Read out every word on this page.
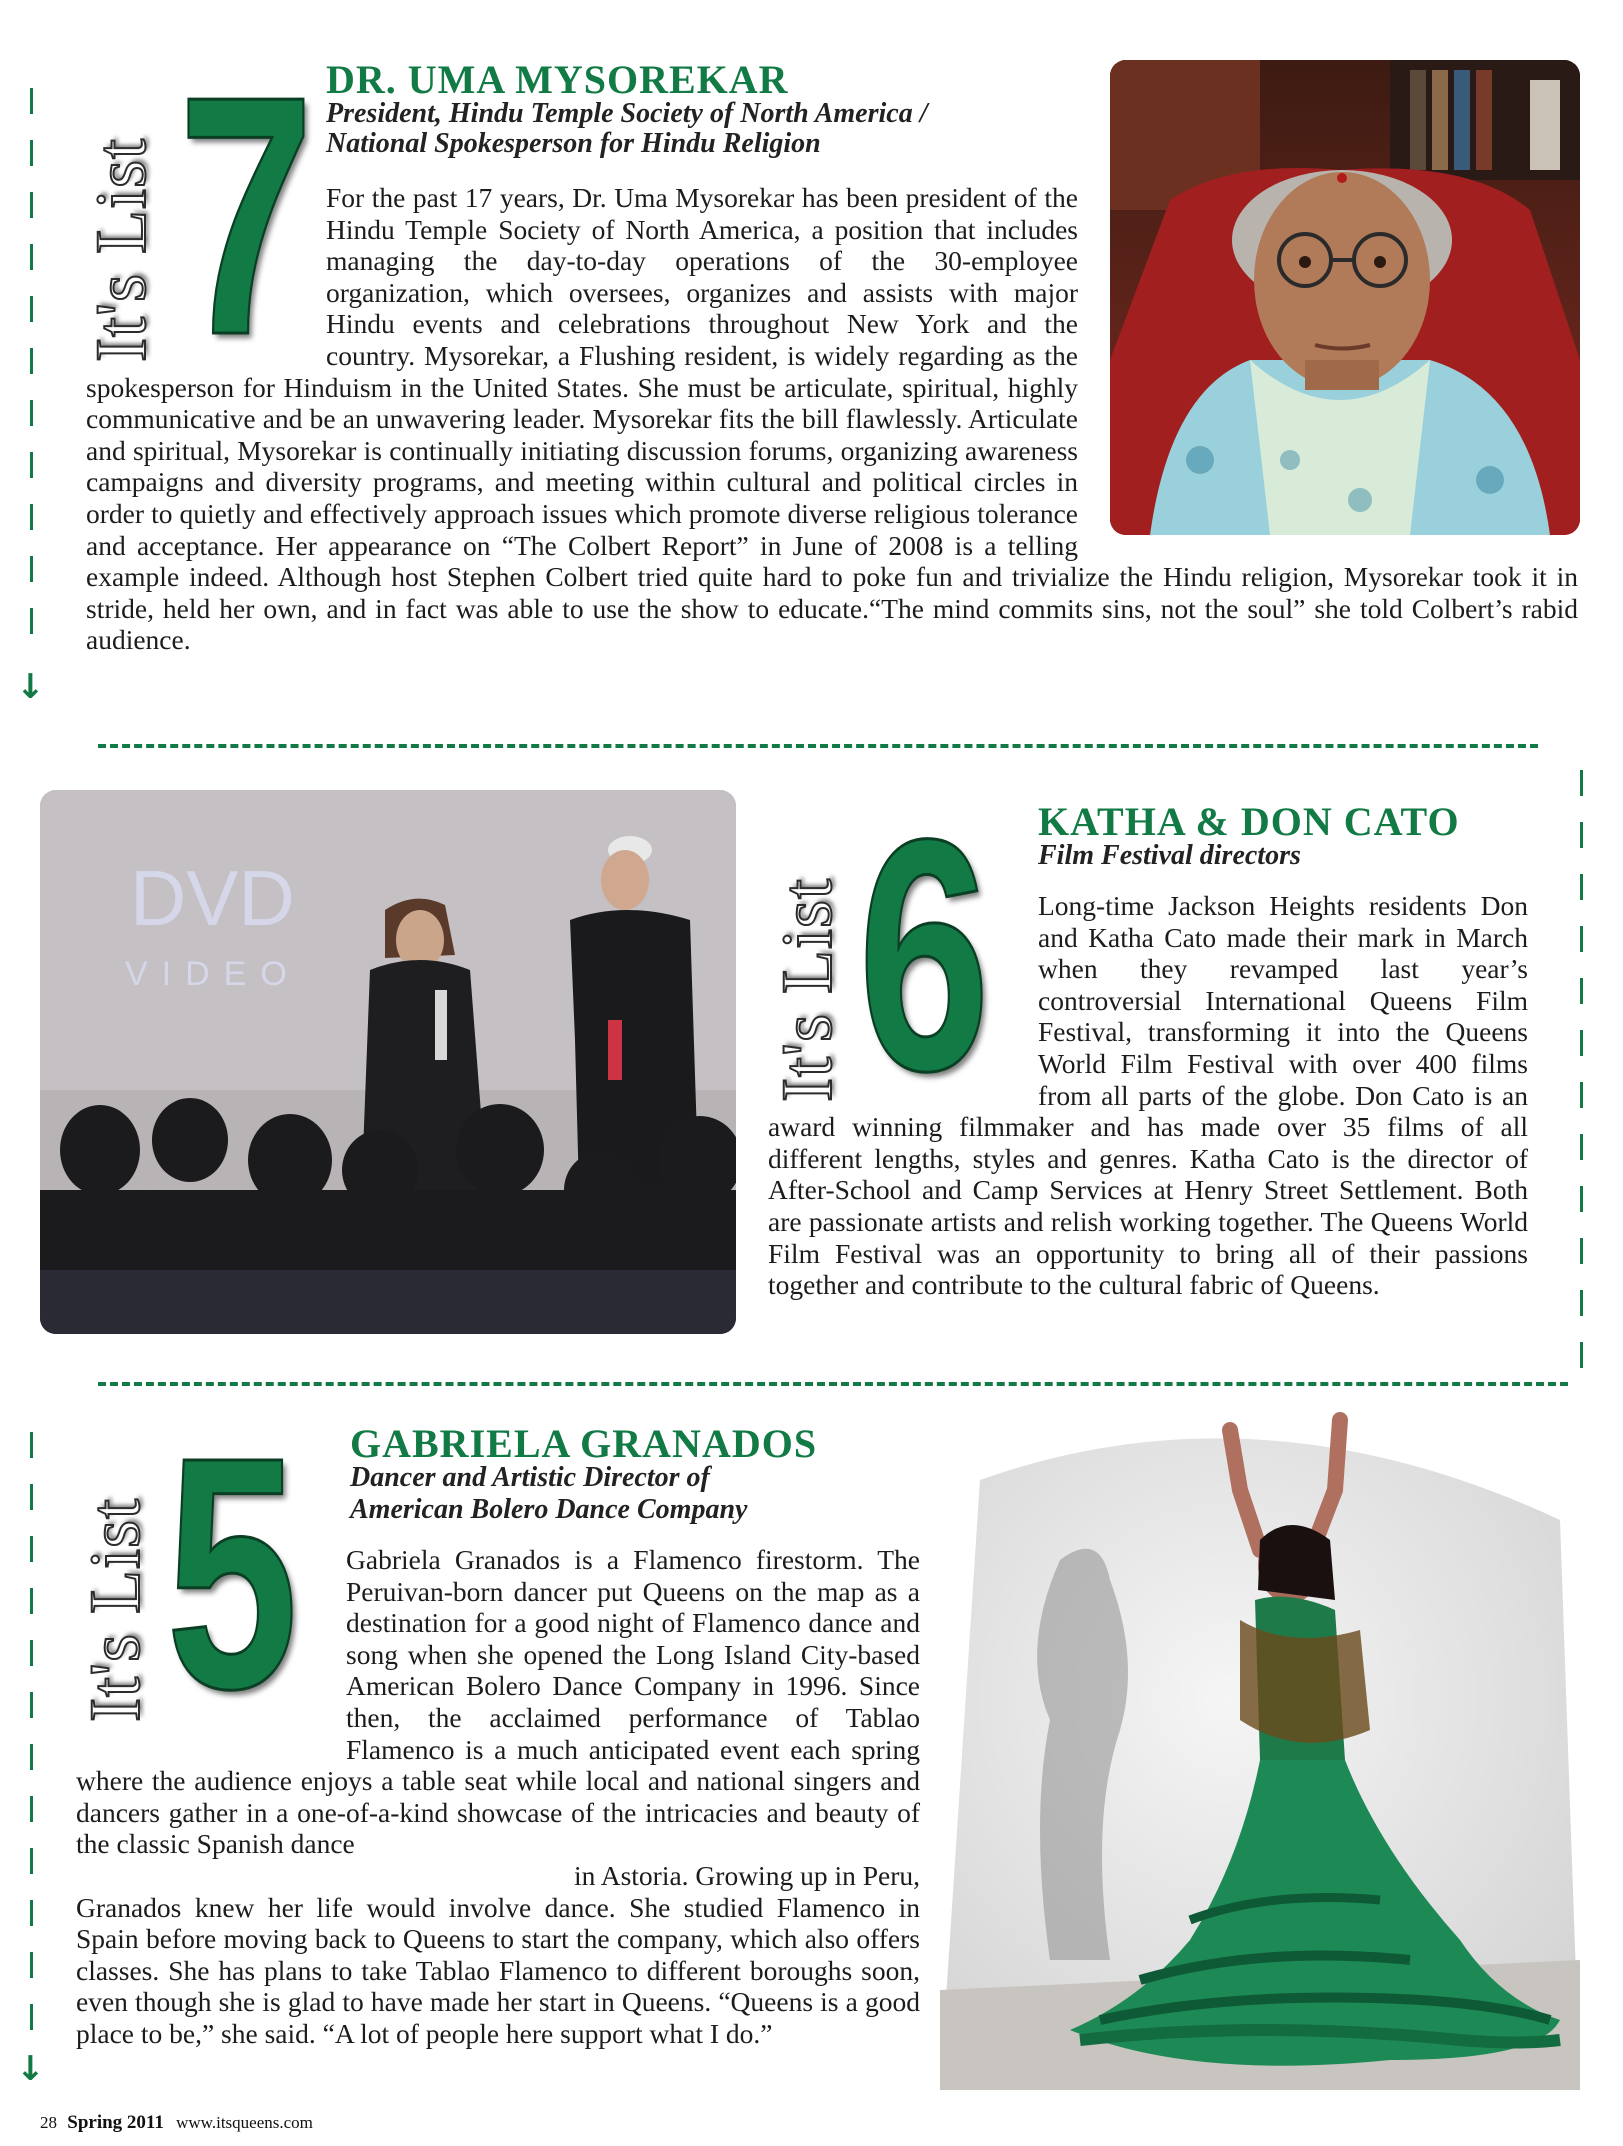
↓
It's List 7 DR. UMA MYSOREKAR
President, Hindu Temple Society of North America /
National Spokesperson for Hindu Religion

For the past 17 years, Dr. Uma Mysorekar has been president of the Hindu Temple Society of North America, a position that includes managing the day-to-day operations of the 30-employee organization, which oversees, organizes and assists with major Hindu events and celebrations throughout New York and the country. Mysorekar, a Flushing resident, is widely regarding as the spokesperson for Hinduism in the United States. She must be articulate, spiritual, highly communicative and be an unwavering leader. Mysorekar fits the bill flawlessly. Articulate and spiritual, Mysorekar is continually initiating discussion forums, organizing awareness campaigns and diversity programs, and meeting within cultural and political circles in order to quietly and effectively approach issues which promote diverse religious tolerance and acceptance. Her appearance on “The Colbert Report” in June of 2008 is a telling example indeed. Although host Stephen Colbert tried quite hard to poke fun and trivialize the Hindu religion, Mysorekar took it in stride, held her own, and in fact was able to use the show to educate.“The mind commits sins, not the soul” she told Colbert’s rabid audience.

DVD
VIDEO	It's List 6 KATHA & DON CATO
Film Festival directors

Long-time Jackson Heights residents Don and Katha Cato made their mark in March when they revamped last year’s controversial International Queens Film Festival, transforming it into the Queens World Film Festival with over 400 films from all parts of the globe. Don Cato is an award winning filmmaker and has made over 35 films of all different lengths, styles and genres. Katha Cato is the director of After-School and Camp Services at Henry Street Settlement. Both are passionate artists and relish working together. The Queens World Film Festival was an opportunity to bring all of their passions together and contribute to the cultural fabric of Queens.

↓
It's List 5 GABRIELA GRANADOS
Dancer and Artistic Director of
American Bolero Dance Company

Gabriela Granados is a Flamenco firestorm. The Peruivan-born dancer put Queens on the map as a destination for a good night of Flamenco dance and song when she opened the Long Island City-based American Bolero Dance Company in 1996. Since then, the acclaimed performance of Tablao Flamenco is a much anticipated event each spring where the audience enjoys a table seat while local and national singers and dancers gather in a one-of-a-kind showcase of the intricacies and beauty of the classic Spanish dance

in Astoria. Growing up in Peru,

Granados knew her life would involve dance. She studied Flamenco in Spain before moving back to Queens to start the company, which also offers classes. She has plans to take Tablao Flamenco to different boroughs soon, even though she is glad to have made her start in Queens. “Queens is a good place to be,” she said. “A lot of people here support what I do.”

28 Spring 2011 www.itsqueens.com
